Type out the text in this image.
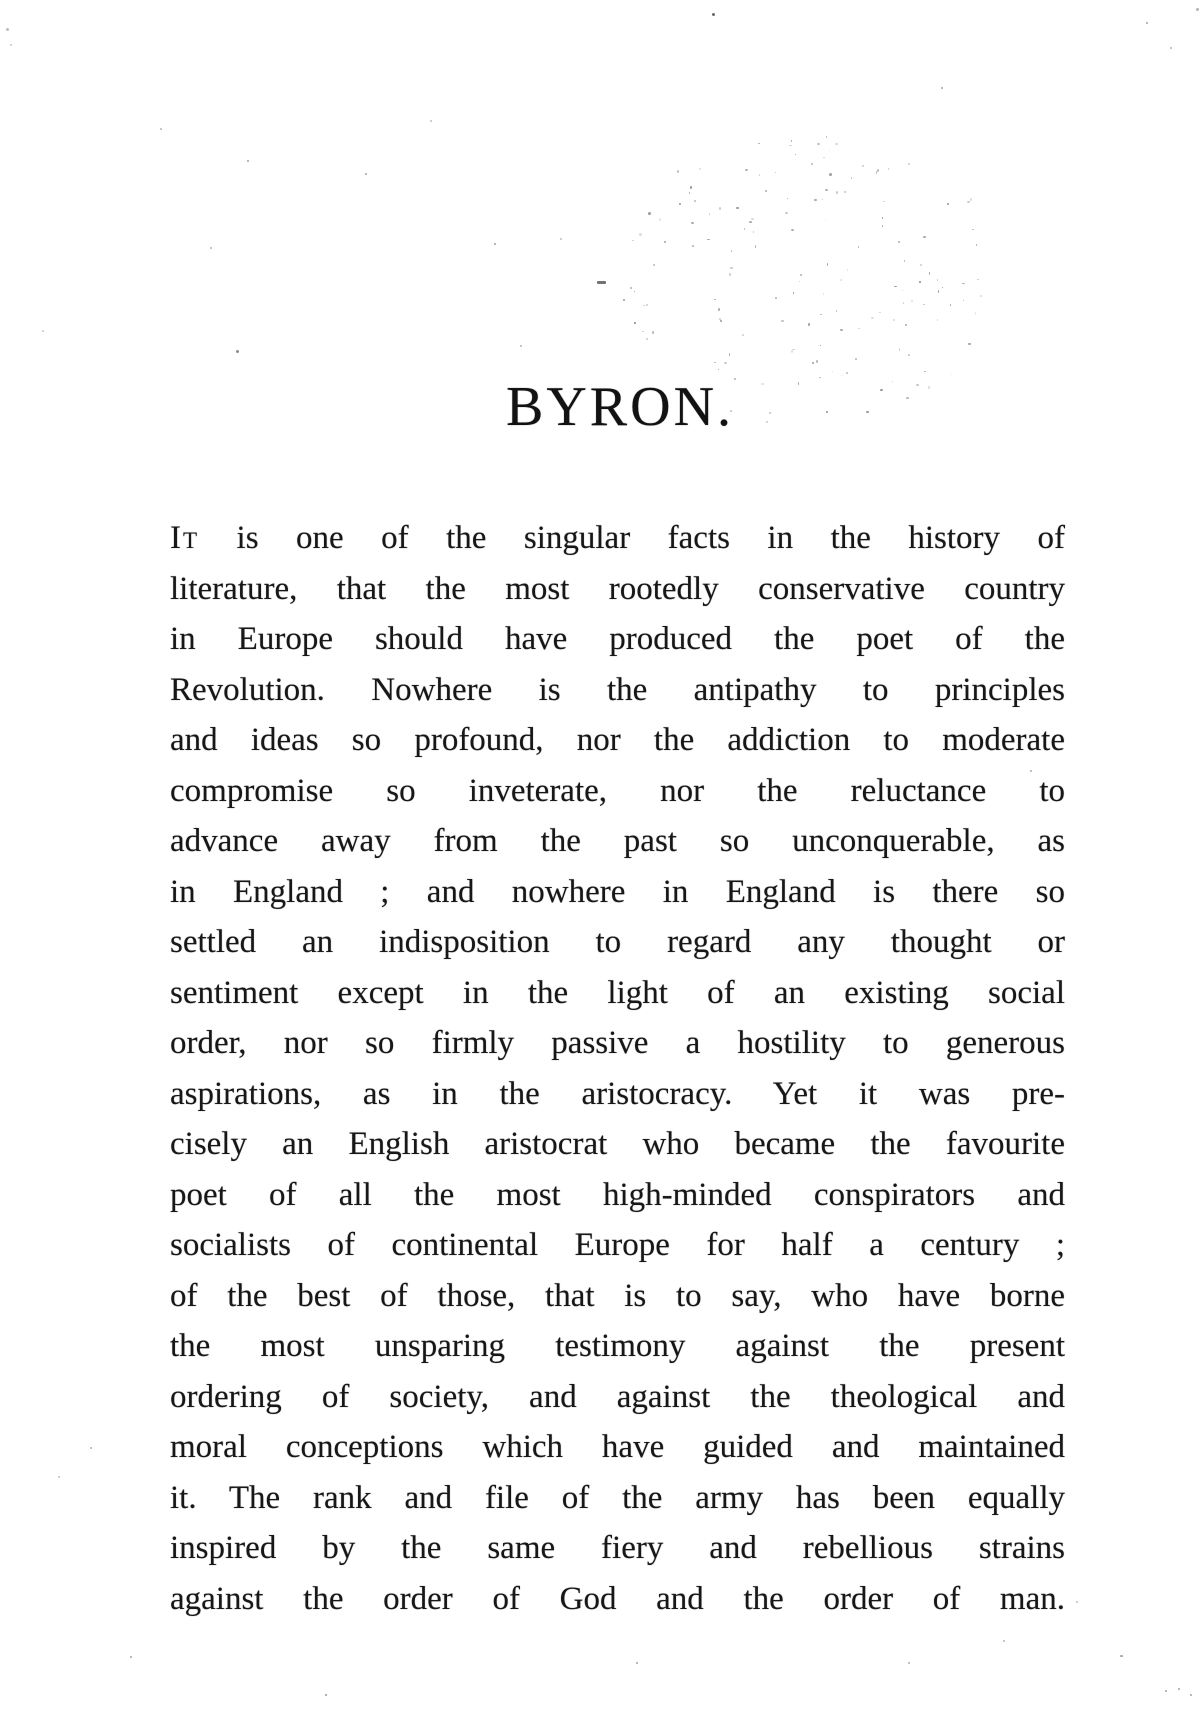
BYRON.
It is one of the singular facts in the history of
literature, that the most rootedly conservative country
in Europe should have produced the poet of the
Revolution. Nowhere is the antipathy to principles
and ideas so profound, nor the addiction to moderate
compromise so inveterate, nor the reluctance to
advance away from the past so unconquerable, as
in England ; and nowhere in England is there so
settled an indisposition to regard any thought or
sentiment except in the light of an existing social
order, nor so firmly passive a hostility to generous
aspirations, as in the aristocracy. Yet it was pre-
cisely an English aristocrat who became the favourite
poet of all the most high-minded conspirators and
socialists of continental Europe for half a century ;
of the best of those, that is to say, who have borne
the most unsparing testimony against the present
ordering of society, and against the theological and
moral conceptions which have guided and maintained
it. The rank and file of the army has been equally
inspired by the same fiery and rebellious strains
against the order of God and the order of man.
